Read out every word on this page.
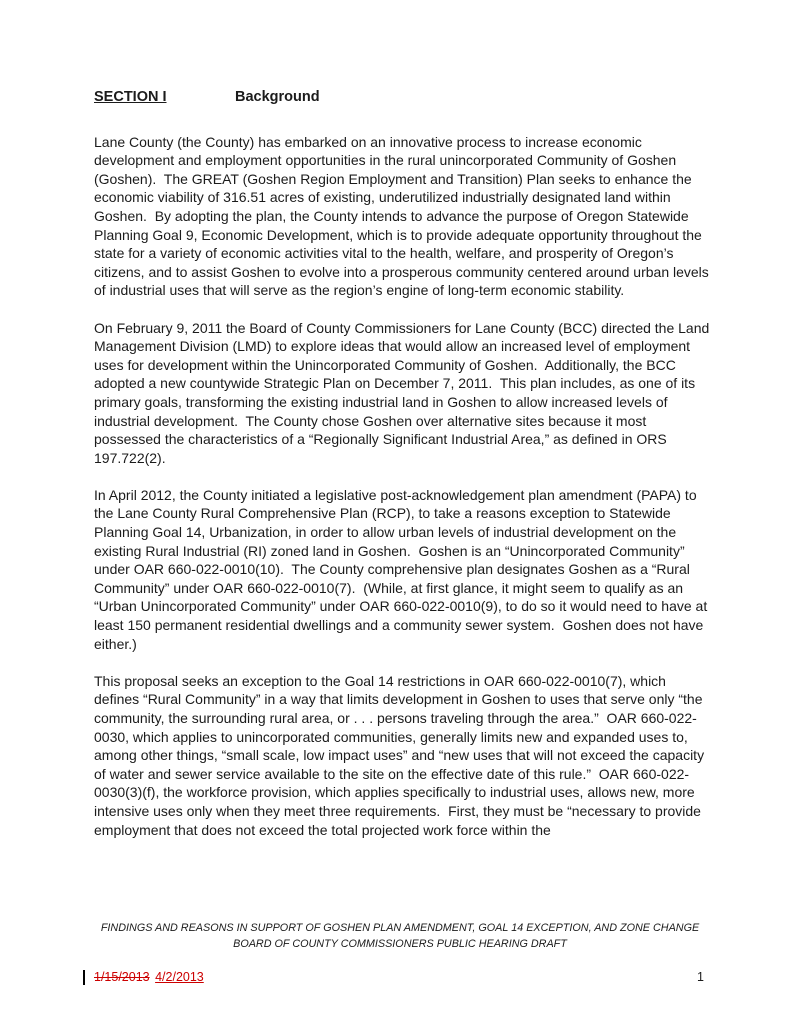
SECTION I	Background

Lane County (the County) has embarked on an innovative process to increase economic development and employment opportunities in the rural unincorporated Community of Goshen (Goshen).  The GREAT (Goshen Region Employment and Transition) Plan seeks to enhance the economic viability of 316.51 acres of existing, underutilized industrially designated land within Goshen.  By adopting the plan, the County intends to advance the purpose of Oregon Statewide Planning Goal 9, Economic Development, which is to provide adequate opportunity throughout the state for a variety of economic activities vital to the health, welfare, and prosperity of Oregon’s citizens, and to assist Goshen to evolve into a prosperous community centered around urban levels of industrial uses that will serve as the region’s engine of long-term economic stability.

On February 9, 2011 the Board of County Commissioners for Lane County (BCC) directed the Land Management Division (LMD) to explore ideas that would allow an increased level of employment uses for development within the Unincorporated Community of Goshen.  Additionally, the BCC adopted a new countywide Strategic Plan on December 7, 2011.  This plan includes, as one of its primary goals, transforming the existing industrial land in Goshen to allow increased levels of industrial development.  The County chose Goshen over alternative sites because it most possessed the characteristics of a “Regionally Significant Industrial Area,” as defined in ORS 197.722(2).

In April 2012, the County initiated a legislative post-acknowledgement plan amendment (PAPA) to the Lane County Rural Comprehensive Plan (RCP), to take a reasons exception to Statewide Planning Goal 14, Urbanization, in order to allow urban levels of industrial development on the existing Rural Industrial (RI) zoned land in Goshen.  Goshen is an “Unincorporated Community” under OAR 660-022-0010(10).  The County comprehensive plan designates Goshen as a “Rural Community” under OAR 660-022-0010(7).  (While, at first glance, it might seem to qualify as an “Urban Unincorporated Community” under OAR 660-022-0010(9), to do so it would need to have at least 150 permanent residential dwellings and a community sewer system.  Goshen does not have either.)

This proposal seeks an exception to the Goal 14 restrictions in OAR 660-022-0010(7), which defines “Rural Community” in a way that limits development in Goshen to uses that serve only “the community, the surrounding rural area, or . . . persons traveling through the area.”  OAR 660-022-0030, which applies to unincorporated communities, generally limits new and expanded uses to, among other things, “small scale, low impact uses” and “new uses that will not exceed the capacity of water and sewer service available to the site on the effective date of this rule.”  OAR 660-022-0030(3)(f), the workforce provision, which applies specifically to industrial uses, allows new, more intensive uses only when they meet three requirements.  First, they must be “necessary to provide employment that does not exceed the total projected work force within the

FINDINGS AND REASONS IN SUPPORT OF GOSHEN PLAN AMENDMENT, GOAL 14 EXCEPTION, AND ZONE CHANGE
BOARD OF COUNTY COMMISSIONERS PUBLIC HEARING DRAFT
1/15/2013 4/2/2013	1
